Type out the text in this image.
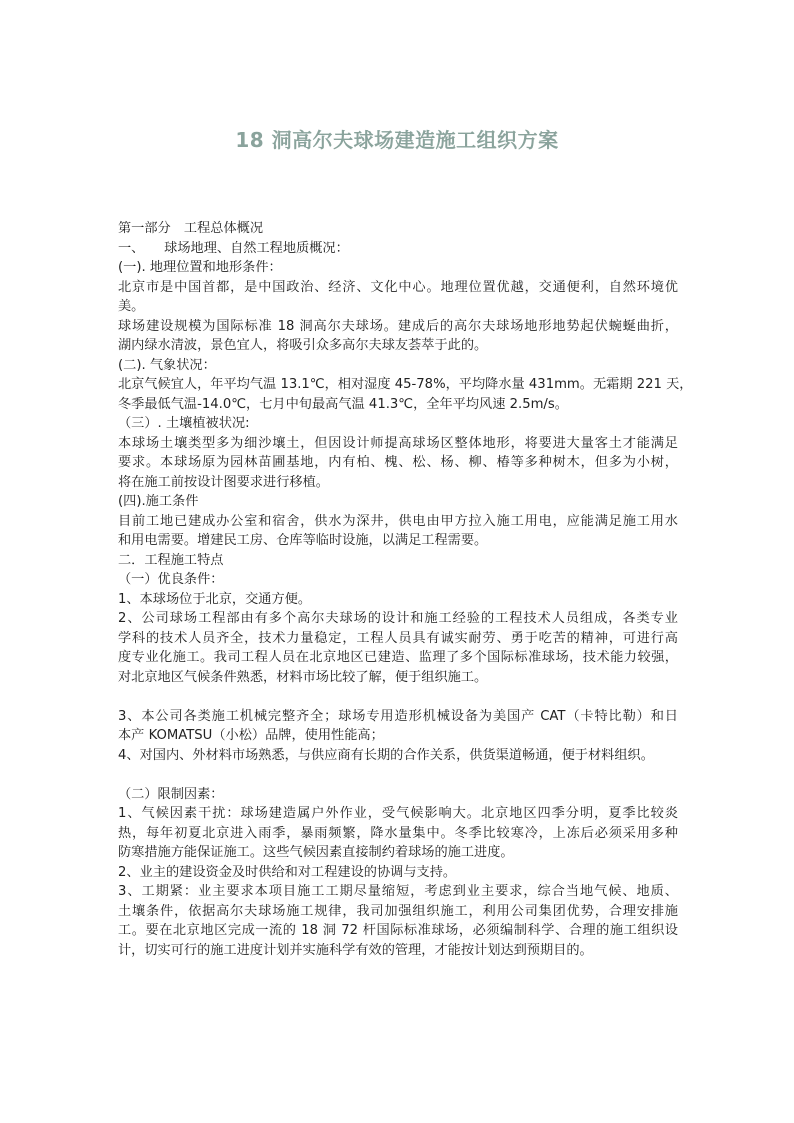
18 洞高尔夫球场建造施工组织方案
第一部分　工程总体概况
一、　　球场地理、自然工程地质概况：
(一). 地理位置和地形条件：
北京市是中国首都，是中国政治、经济、文化中心。地理位置优越，交通便利，自然环境优
美。
球场建设规模为国际标准 18 洞高尔夫球场。建成后的高尔夫球场地形地势起伏蜿蜒曲折，
湖内绿水清波，景色宜人，将吸引众多高尔夫球友荟萃于此的。
(二). 气象状况：
北京气候宜人，年平均气温 13.1℃，相对湿度 45-78%，平均降水量 431mm。无霜期 221 天，
冬季最低气温-14.0℃，七月中旬最高气温 41.3℃，全年平均风速 2.5m/s。
（三）. 土壤植被状况:
本球场土壤类型多为细沙壤土，但因设计师提高球场区整体地形，将要进大量客土才能满足
要求。本球场原为园林苗圃基地，内有柏、槐、松、杨、柳、椿等多种树木，但多为小树，
将在施工前按设计图要求进行移植。
(四).施工条件
目前工地已建成办公室和宿舍，供水为深井，供电由甲方拉入施工用电，应能满足施工用水
和用电需要。增建民工房、仓库等临时设施，以满足工程需要。
二．工程施工特点
（一）优良条件：
1、本球场位于北京，交通方便。
2、公司球场工程部由有多个高尔夫球场的设计和施工经验的工程技术人员组成，各类专业
学科的技术人员齐全，技术力量稳定，工程人员具有诚实耐劳、勇于吃苦的精神，可进行高
度专业化施工。我司工程人员在北京地区已建造、监理了多个国际标准球场，技术能力较强，
对北京地区气候条件熟悉，材料市场比较了解，便于组织施工。
3、本公司各类施工机械完整齐全；球场专用造形机械设备为美国产 CAT（卡特比勒）和日
本产 KOMATSU（小松）品牌，使用性能高；
4、对国内、外材料市场熟悉，与供应商有长期的合作关系，供货渠道畅通，便于材料组织。
（二）限制因素：
1、气候因素干扰：球场建造属户外作业，受气候影响大。北京地区四季分明，夏季比较炎
热，每年初夏北京进入雨季，暴雨频繁，降水量集中。冬季比较寒冷，上冻后必须采用多种
防寒措施方能保证施工。这些气候因素直接制约着球场的施工进度。
2、业主的建设资金及时供给和对工程建设的协调与支持。
3、工期紧：业主要求本项目施工工期尽量缩短，考虑到业主要求，综合当地气候、地质、
土壤条件，依据高尔夫球场施工规律，我司加强组织施工，利用公司集团优势，合理安排施
工。要在北京地区完成一流的 18 洞 72 杆国际标准球场，必须编制科学、合理的施工组织设
计，切实可行的施工进度计划并实施科学有效的管理，才能按计划达到预期目的。
